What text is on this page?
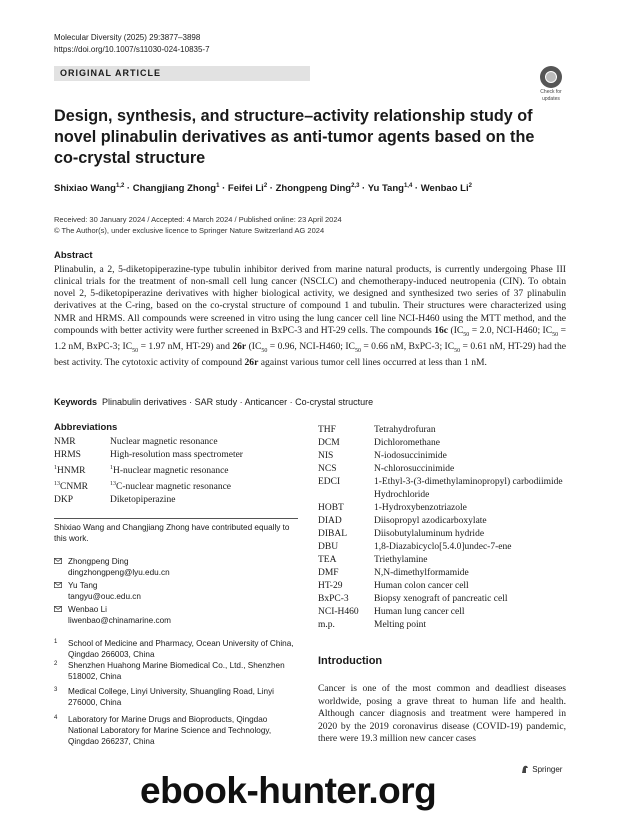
Molecular Diversity (2025) 29:3877–3898
https://doi.org/10.1007/s11030-024-10835-7
ORIGINAL ARTICLE
Check for
updates
Design, synthesis, and structure–activity relationship study of novel plinabulin derivatives as anti-tumor agents based on the co-crystal structure
Shixiao Wang$^{1,2}$ · Changjiang Zhong$^1$ · Feifei $Li^2$ · Zhongpeng Ding$^{2,3}$ · Yu Tang$^{1,4}$ · Wenbao Li$^2$
Received: 30 January 2024 / Accepted: 4 March 2024 / Published online: 23 April 2024
© The Author(s), under exclusive licence to Springer Nature Switzerland AG 2024
Abstract
Plinabulin, a 2, 5-diketopiperazine-type tubulin inhibitor derived from marine natural products, is currently undergoing Phase III clinical trials for the treatment of non-small cell lung cancer (NSCLC) and chemotherapy-induced neutropenia (CIN). To obtain novel 2, 5-diketopiperazine derivatives with higher biological activity, we designed and synthesized two series of 37 plinabulin derivatives at the C-ring, based on the co-crystal structure of compound 1 and tubulin. Their structures were characterized using NMR and HRMS. All compounds were screened in vitro using the lung cancer cell line NCI-H460 using the MTT method, and the compounds with better activity were further screened in BxPC-3 and HT-29 cells. The compounds 16c ($IC_{50} = 2.0$, NCI-H460; $IC_{50} = 1.2$ nM, BxPC-3; $IC_{50} = 1.97$ nM, HT-29) and 26r ($IC_{50} = 0.96$, NCI-H460; $IC_{50} = 0.66$ nM, BxPC-3; $IC_{50} = 0.61$ nM, HT-29) had the best activity. The cytotoxic activity of compound 26r against various tumor cell lines occurred at less than 1 nM.
Keywords Plinabulin derivatives · SAR study · Anticancer · Co-crystal structure
Abbreviations
NMR	Nuclear magnetic resonance
HRMS	High-resolution mass spectrometer
$^1$HNMR	$^1$H-nuclear magnetic resonance
$^{13}$CNMR	$^{13}$C-nuclear magnetic resonance
DKP	Diketopiperazine
THF	Tetrahydrofuran
DCM	Dichloromethane
NIS	N-iodosuccinimide
NCS	N-chlorosuccinimide
EDCI	1-Ethyl-3-(3-dimethylaminopropyl) carbodiimide Hydrochloride
HOBT	1-Hydroxybenzotriazole
DIAD	Diisopropyl azodicarboxylate
DIBAL	Diisobutylaluminum hydride
DBU	1,8-Diazabicyclo[5.4.0]undec-7-ene
TEA	Triethylamine
DMF	N,N-dimethylformamide
HT-29	Human colon cancer cell
BxPC-3	Biopsy xenograft of pancreatic cell
NCI-H460	Human lung cancer cell
m.p.	Melting point
Shixiao Wang and Changjiang Zhong have contributed equally to this work.
Zhongpeng Ding
dingzhongpeng@lyu.edu.cn
Yu Tang
tangyu@ouc.edu.cn
Wenbao Li
liwenbao@chinamarine.com
1 School of Medicine and Pharmacy, Ocean University of China, Qingdao 266003, China
2 Shenzhen Huahong Marine Biomedical Co., Ltd., Shenzhen 518002, China
3 Medical College, Linyi University, Shuangling Road, Linyi 276000, China
4 Laboratory for Marine Drugs and Bioproducts, Qingdao National Laboratory for Marine Science and Technology, Qingdao 266237, China
Introduction
Cancer is one of the most common and deadliest diseases worldwide, posing a grave threat to human life and health. Although cancer diagnosis and treatment were hampered in 2020 by the 2019 coronavirus disease (COVID-19) pandemic, there were 19.3 million new cancer cases
Springer
ebook-hunter.org
